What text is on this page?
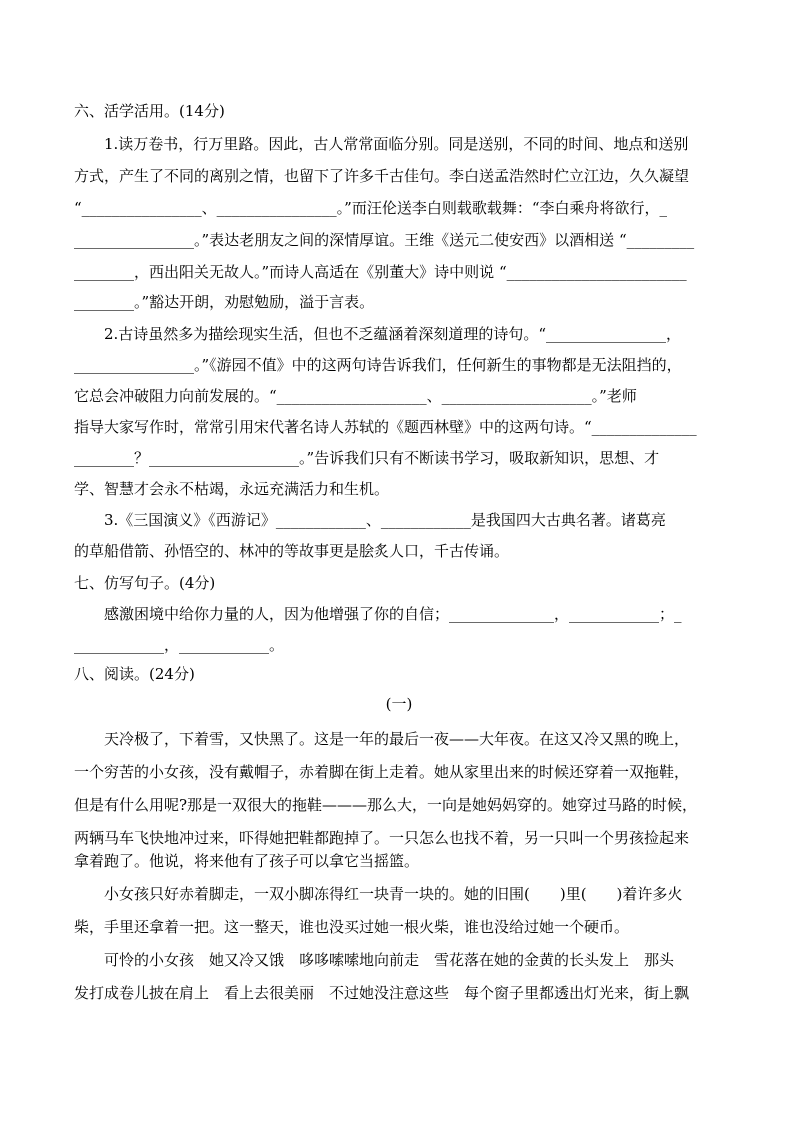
六、活学活用。(14分)
　　1.读万卷书，行万里路。因此，古人常常面临分别。同是送别，不同的时间、地点和送别
方式，产生了不同的离别之情，也留下了许多千古佳句。李白送孟浩然时伫立江边，久久凝望
“________________、________________。”而汪伦送李白则载歌载舞：“李白乘舟将欲行，_
________________。”表达老朋友之间的深情厚谊。王维《送元二使安西》以酒相送 “_________
________，西出阳关无故人。”而诗人高适在《别董大》诗中则说 “________________________
________。”豁达开朗，劝慰勉励，溢于言表。
　　2.古诗虽然多为描绘现实生活，但也不乏蕴涵着深刻道理的诗句。“________________，
________________。”《游园不值》中的这两句诗告诉我们，任何新生的事物都是无法阻挡的，
它总会冲破阻力向前发展的。“____________________、____________________。”老师
指导大家写作时，常常引用宋代著名诗人苏轼的《题西林壁》中的这两句诗。“______________
________？____________________。”告诉我们只有不断读书学习，吸取新知识，思想、才
学、智慧才会永不枯竭，永远充满活力和生机。
　　3.《三国演义》《西游记》____________、____________是我国四大古典名著。诸葛亮
的草船借箭、孙悟空的、林冲的等故事更是脍炙人口，千古传诵。
七、仿写句子。(4分)
　　感激困境中给你力量的人，因为他增强了你的自信；______________，____________；_
____________，____________。
八、阅读。(24分)
(一)
　　天冷极了，下着雪，又快黑了。这是一年的最后一夜——大年夜。在这又冷又黑的晚上，
一个穷苦的小女孩，没有戴帽子，赤着脚在街上走着。她从家里出来的时候还穿着一双拖鞋，
但是有什么用呢?那是一双很大的拖鞋———那么大，一向是她妈妈穿的。她穿过马路的时候，
两辆马车飞快地冲过来，吓得她把鞋都跑掉了。一只怎么也找不着，另一只叫一个男孩捡起来
拿着跑了。他说，将来他有了孩子可以拿它当摇篮。
　　小女孩只好赤着脚走，一双小脚冻得红一块青一块的。她的旧围(　　)里(　　)着许多火
柴，手里还拿着一把。这一整天，谁也没买过她一根火柴，谁也没给过她一个硬币。
　　可怜的小女孩　她又冷又饿　哆哆嗦嗦地向前走　雪花落在她的金黄的长头发上　那头
发打成卷儿披在肩上　看上去很美丽　不过她没注意这些　每个窗子里都透出灯光来，街上飘
